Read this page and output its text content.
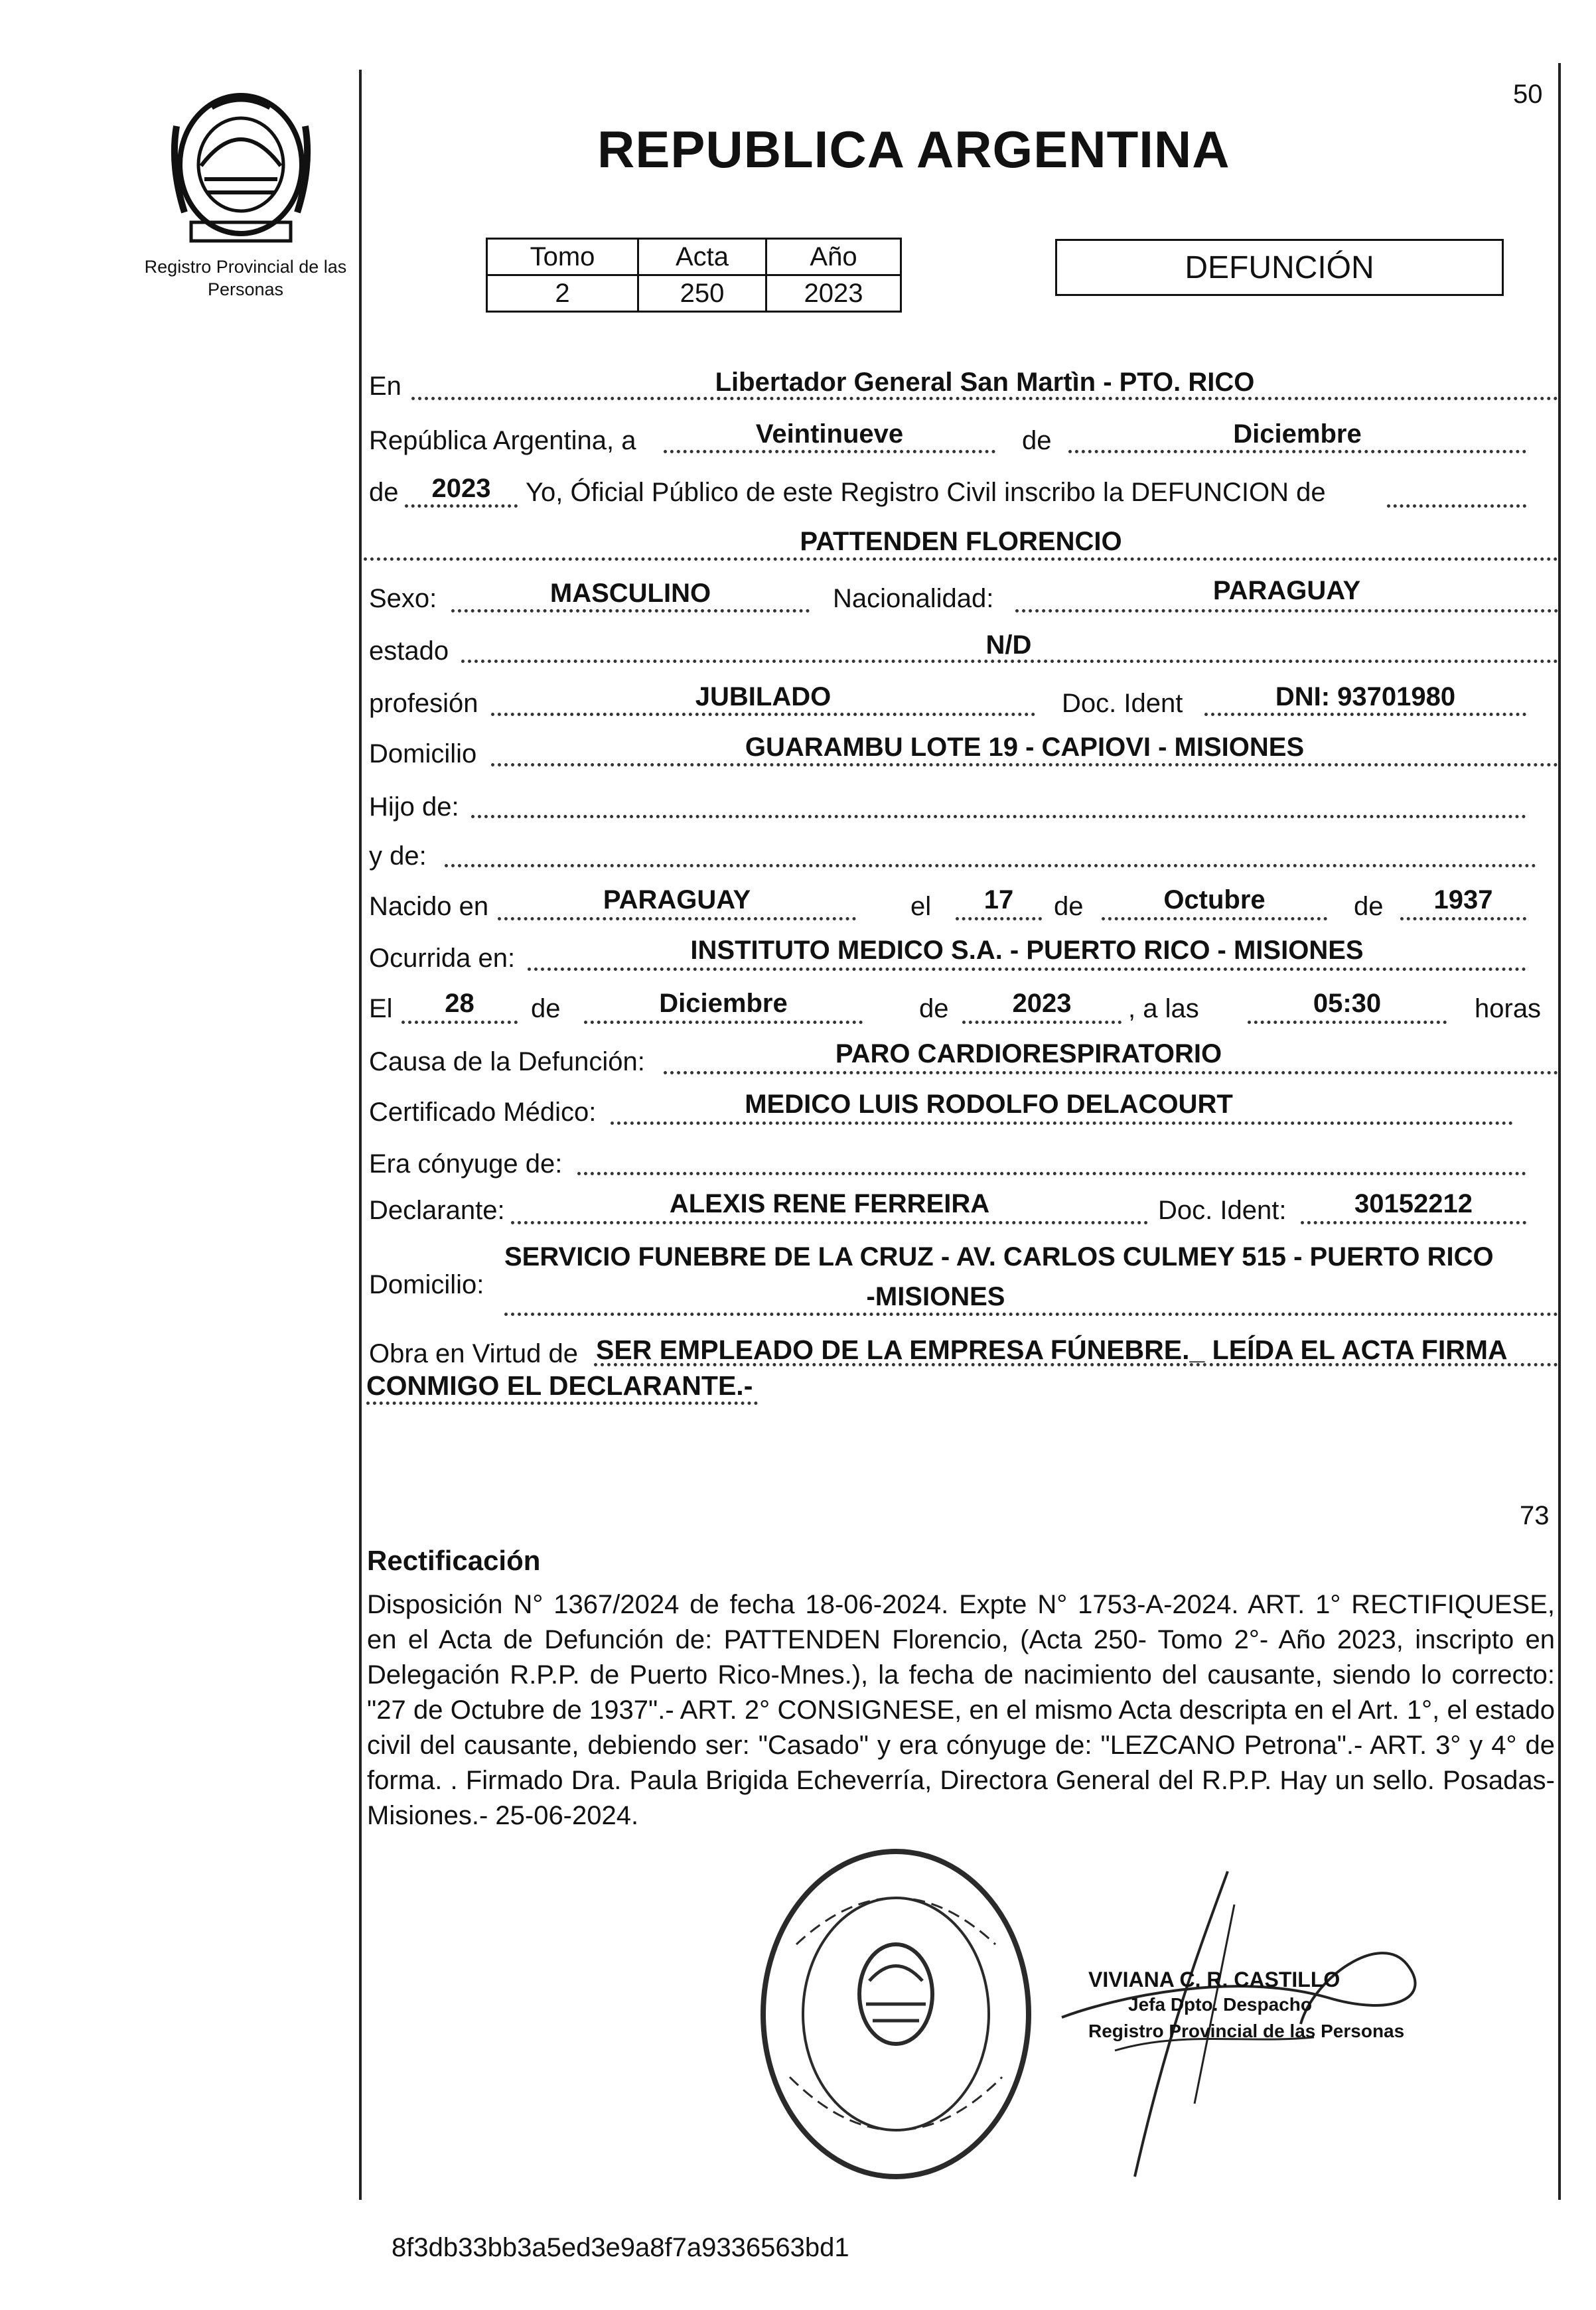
50
Registro Provincial de las Personas
REPUBLICA ARGENTINA
Tomo	Acta	Año
2	250	2023
DEFUNCIÓN
En	Libertador General San Martìn - PTO. RICO
República Argentina, a	Veintinueve	de	Diciembre
de	2023	Yo, Óficial Público de este Registro Civil inscribo la DEFUNCION de
PATTENDEN FLORENCIO
Sexo:	MASCULINO	Nacionalidad:	PARAGUAY
estado	N/D
profesión	JUBILADO	Doc. Ident	DNI: 93701980
Domicilio	GUARAMBU LOTE 19 - CAPIOVI - MISIONES
Hijo de:
y de:
Nacido en	PARAGUAY	el	17	de	Octubre	de	1937
Ocurrida en:	INSTITUTO MEDICO S.A. - PUERTO RICO - MISIONES
El	28	de	Diciembre	de	2023	, a las	05:30	horas
Causa de la Defunción:	PARO CARDIORESPIRATORIO
Certificado Médico:	MEDICO LUIS RODOLFO DELACOURT
Era cónyuge de:
Declarante:	ALEXIS RENE FERREIRA	Doc. Ident:	30152212
Domicilio:
SERVICIO FUNEBRE DE LA CRUZ - AV. CARLOS CULMEY 515 - PUERTO RICO
-MISIONES
Obra en Virtud de SER EMPLEADO DE LA EMPRESA FÚNEBRE._ LEÍDA EL ACTA FIRMA
CONMIGO EL DECLARANTE.-
73
Rectificación
Disposición N° 1367/2024 de fecha 18-06-2024. Expte N° 1753-A-2024. ART. 1° RECTIFIQUESE, en el Acta de Defunción de: PATTENDEN Florencio, (Acta 250- Tomo 2°- Año 2023, inscripto en Delegación R.P.P. de Puerto Rico-Mnes.), la fecha de nacimiento del causante, siendo lo correcto: "27 de Octubre de 1937".- ART. 2° CONSIGNESE, en el mismo Acta descripta en el Art. 1°, el estado civil del causante, debiendo ser: "Casado" y era cónyuge de: "LEZCANO Petrona".- ART. 3° y 4° de forma. . Firmado Dra. Paula Brigida Echeverría, Directora General del R.P.P. Hay un sello. Posadas- Misiones.- 25-06-2024.
VIVIANA C. R. CASTILLO
Jefa Dpto. Despacho
Registro Provincial de las Personas
8f3db33bb3a5ed3e9a8f7a9336563bd1
